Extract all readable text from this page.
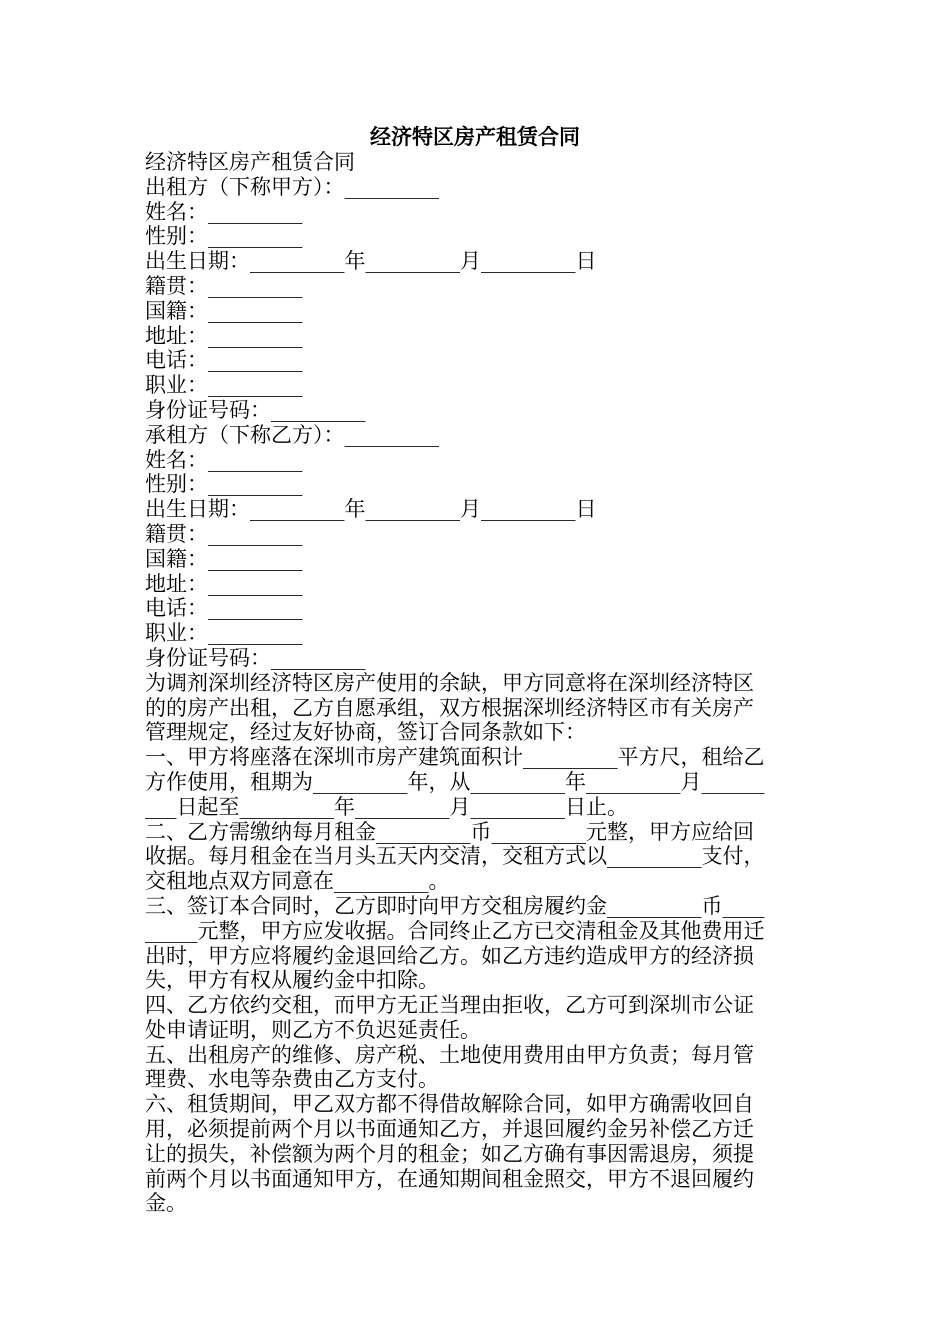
经济特区房产租赁合同
经济特区房产租赁合同
出租方（下称甲方）：_________
姓名：_________
性别：_________
出生日期：_________年_________月_________日
籍贯：_________
国籍：_________
地址：_________
电话：_________
职业：_________
身份证号码：_________
承租方（下称乙方）：_________
姓名：_________
性别：_________
出生日期：_________年_________月_________日
籍贯：_________
国籍：_________
地址：_________
电话：_________
职业：_________
身份证号码：_________
为调剂深圳经济特区房产使用的余缺，甲方同意将在深圳经济特区
的的房产出租，乙方自愿承组，双方根据深圳经济特区市有关房产
管理规定，经过友好协商，签订合同条款如下：
一、甲方将座落在深圳市房产建筑面积计_________平方尺，租给乙
方作使用，租期为_________年，从_________年_________月______
___日起至_________年_________月_________日止。
二、乙方需缴纳每月租金_________币_________元整，甲方应给回
收据。每月租金在当月头五天内交清，交租方式以_________支付，
交租地点双方同意在_________。
三、签订本合同时，乙方即时向甲方交租房履约金_________币____
_____元整，甲方应发收据。合同终止乙方已交清租金及其他费用迁
出时，甲方应将履约金退回给乙方。如乙方违约造成甲方的经济损
失，甲方有权从履约金中扣除。
四、乙方依约交租，而甲方无正当理由拒收，乙方可到深圳市公证
处申请证明，则乙方不负迟延责任。
五、出租房产的维修、房产税、土地使用费用由甲方负责；每月管
理费、水电等杂费由乙方支付。
六、租赁期间，甲乙双方都不得借故解除合同，如甲方确需收回自
用，必须提前两个月以书面通知乙方，并退回履约金另补偿乙方迁
让的损失，补偿额为两个月的租金；如乙方确有事因需退房，须提
前两个月以书面通知甲方，在通知期间租金照交，甲方不退回履约
金。
